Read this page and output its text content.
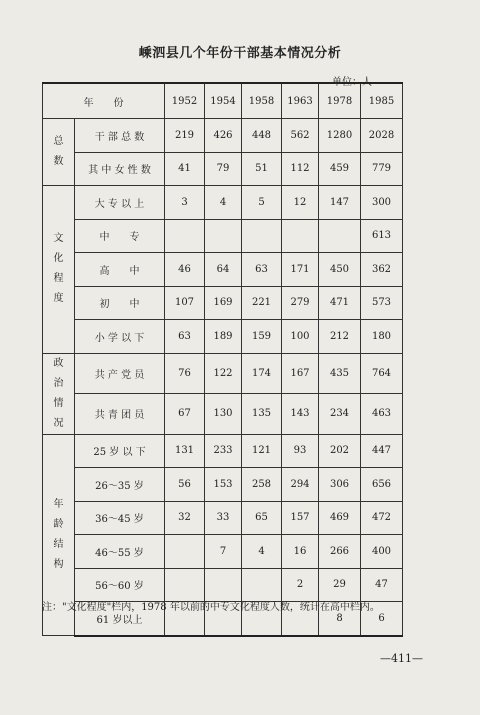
嵊泗县几个年份干部基本情况分析
单位：人
年　　份		1952	1954	1958	1963	1978	1985

总
数	干 部 总 数	219	426	448	562	1280	2028
	其 中 女 性 数	41	79	51	112	459	779

文
化
程
度	大 专 以 上	3	4	5	12	147	300
	中　　专						613
	高　　中	46	64	63	171	450	362
	初　　中	107	169	221	279	471	573
	小 学 以 下	63	189	159	100	212	180

政
治
情
况	共 产 党 员	76	122	174	167	435	764
	共 青 团 员	67	130	135	143	234	463

年
龄
结
构	25 岁 以 下	131	233	121	93	202	447
	26～35 岁	56	153	258	294	306	656
	36～45 岁	32	33	65	157	469	472
	46～55 岁		7	4	16	266	400
	56～60 岁				2	29	47
	61 岁以上					8	6
注："文化程度"栏内，1978 年以前的中专文化程度人数，统计在高中栏内。
—411—
